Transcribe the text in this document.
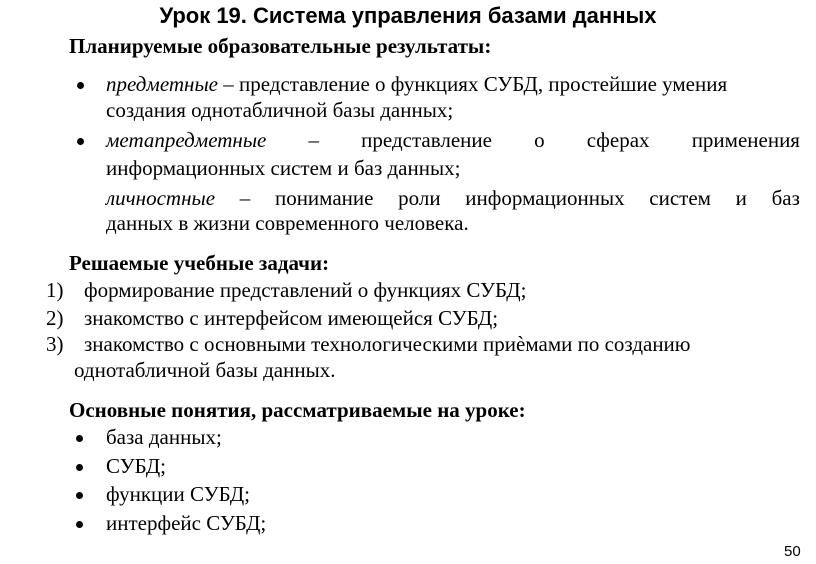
Урок 19. Система управления базами данных
Планируемые образовательные результаты:
предметные – представление о функциях СУБД, простейшие умения
создания однотабличной базы данных;
метапредметные – представление о сферах применения
информационных систем и баз данных;
личностные – понимание роли информационных систем и баз
данных в жизни современного человека.
Решаемые учебные задачи:
1) формирование представлений о функциях СУБД;
2) знакомство с интерфейсом имеющейся СУБД;
3) знакомство с основными технологическими приѐмами по созданию
однотабличной базы данных.
Основные понятия, рассматриваемые на уроке:
база данных;
СУБД;
функции СУБД;
интерфейс СУБД;
50
